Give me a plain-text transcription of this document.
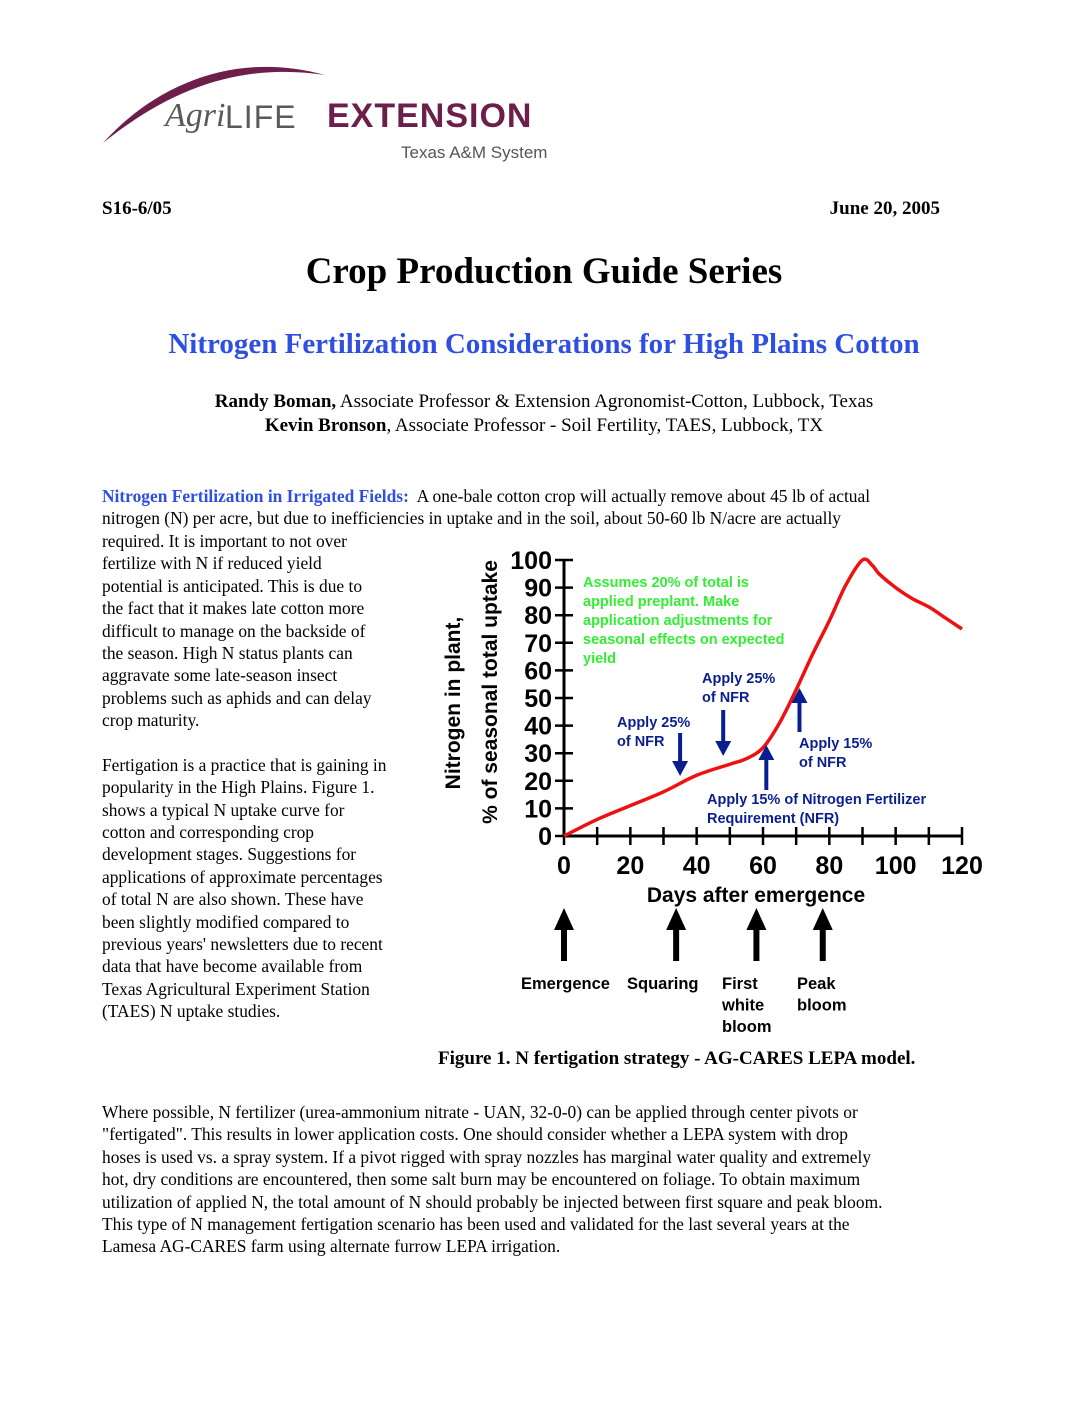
Agri LIFE EXTENSION
Texas A&M System
S16-6/05	June 20, 2005
Crop Production Guide Series
Nitrogen Fertilization Considerations for High Plains Cotton
Randy Boman, Associate Professor & Extension Agronomist-Cotton, Lubbock, Texas
Kevin Bronson, Associate Professor - Soil Fertility, TAES, Lubbock, TX
Nitrogen Fertilization in Irrigated Fields:  A one-bale cotton crop will actually remove about 45 lb of actual
nitrogen (N) per acre, but due to inefficiencies in uptake and in the soil, about 50-60 lb N/acre are actually
required. It is important to not over
fertilize with N if reduced yield
potential is anticipated. This is due to
the fact that it makes late cotton more
difficult to manage on the backside of
the season. High N status plants can
aggravate some late-season insect
problems such as aphids and can delay
crop maturity.
Fertigation is a practice that is gaining in
popularity in the High Plains. Figure 1.
shows a typical N uptake curve for
cotton and corresponding crop
development stages. Suggestions for
applications of approximate percentages
of total N are also shown. These have
been slightly modified compared to
previous years' newsletters due to recent
data that have become available from
Texas Agricultural Experiment Station
(TAES) N uptake studies.
0
10
20
30
40
50
60
70
80
90
100
0 20 40 60 80 100 120
Nitrogen in plant, % of seasonal total uptake
Days after emergence
Assumes 20% of total is
applied preplant. Make
application adjustments for
seasonal effects on expected
yield
Apply 25%
of NFR
Apply 25%
of NFR
Apply 15% of Nitrogen Fertilizer
Requirement (NFR)
Apply 15%
of NFR
Emergence Squaring First
white
bloom
Peak
bloom
Figure 1. N fertigation strategy - AG-CARES LEPA model.
Where possible, N fertilizer (urea-ammonium nitrate - UAN, 32-0-0) can be applied through center pivots or
"fertigated". This results in lower application costs. One should consider whether a LEPA system with drop
hoses is used vs. a spray system. If a pivot rigged with spray nozzles has marginal water quality and extremely
hot, dry conditions are encountered, then some salt burn may be encountered on foliage. To obtain maximum
utilization of applied N, the total amount of N should probably be injected between first square and peak bloom.
This type of N management fertigation scenario has been used and validated for the last several years at the
Lamesa AG-CARES farm using alternate furrow LEPA irrigation.
